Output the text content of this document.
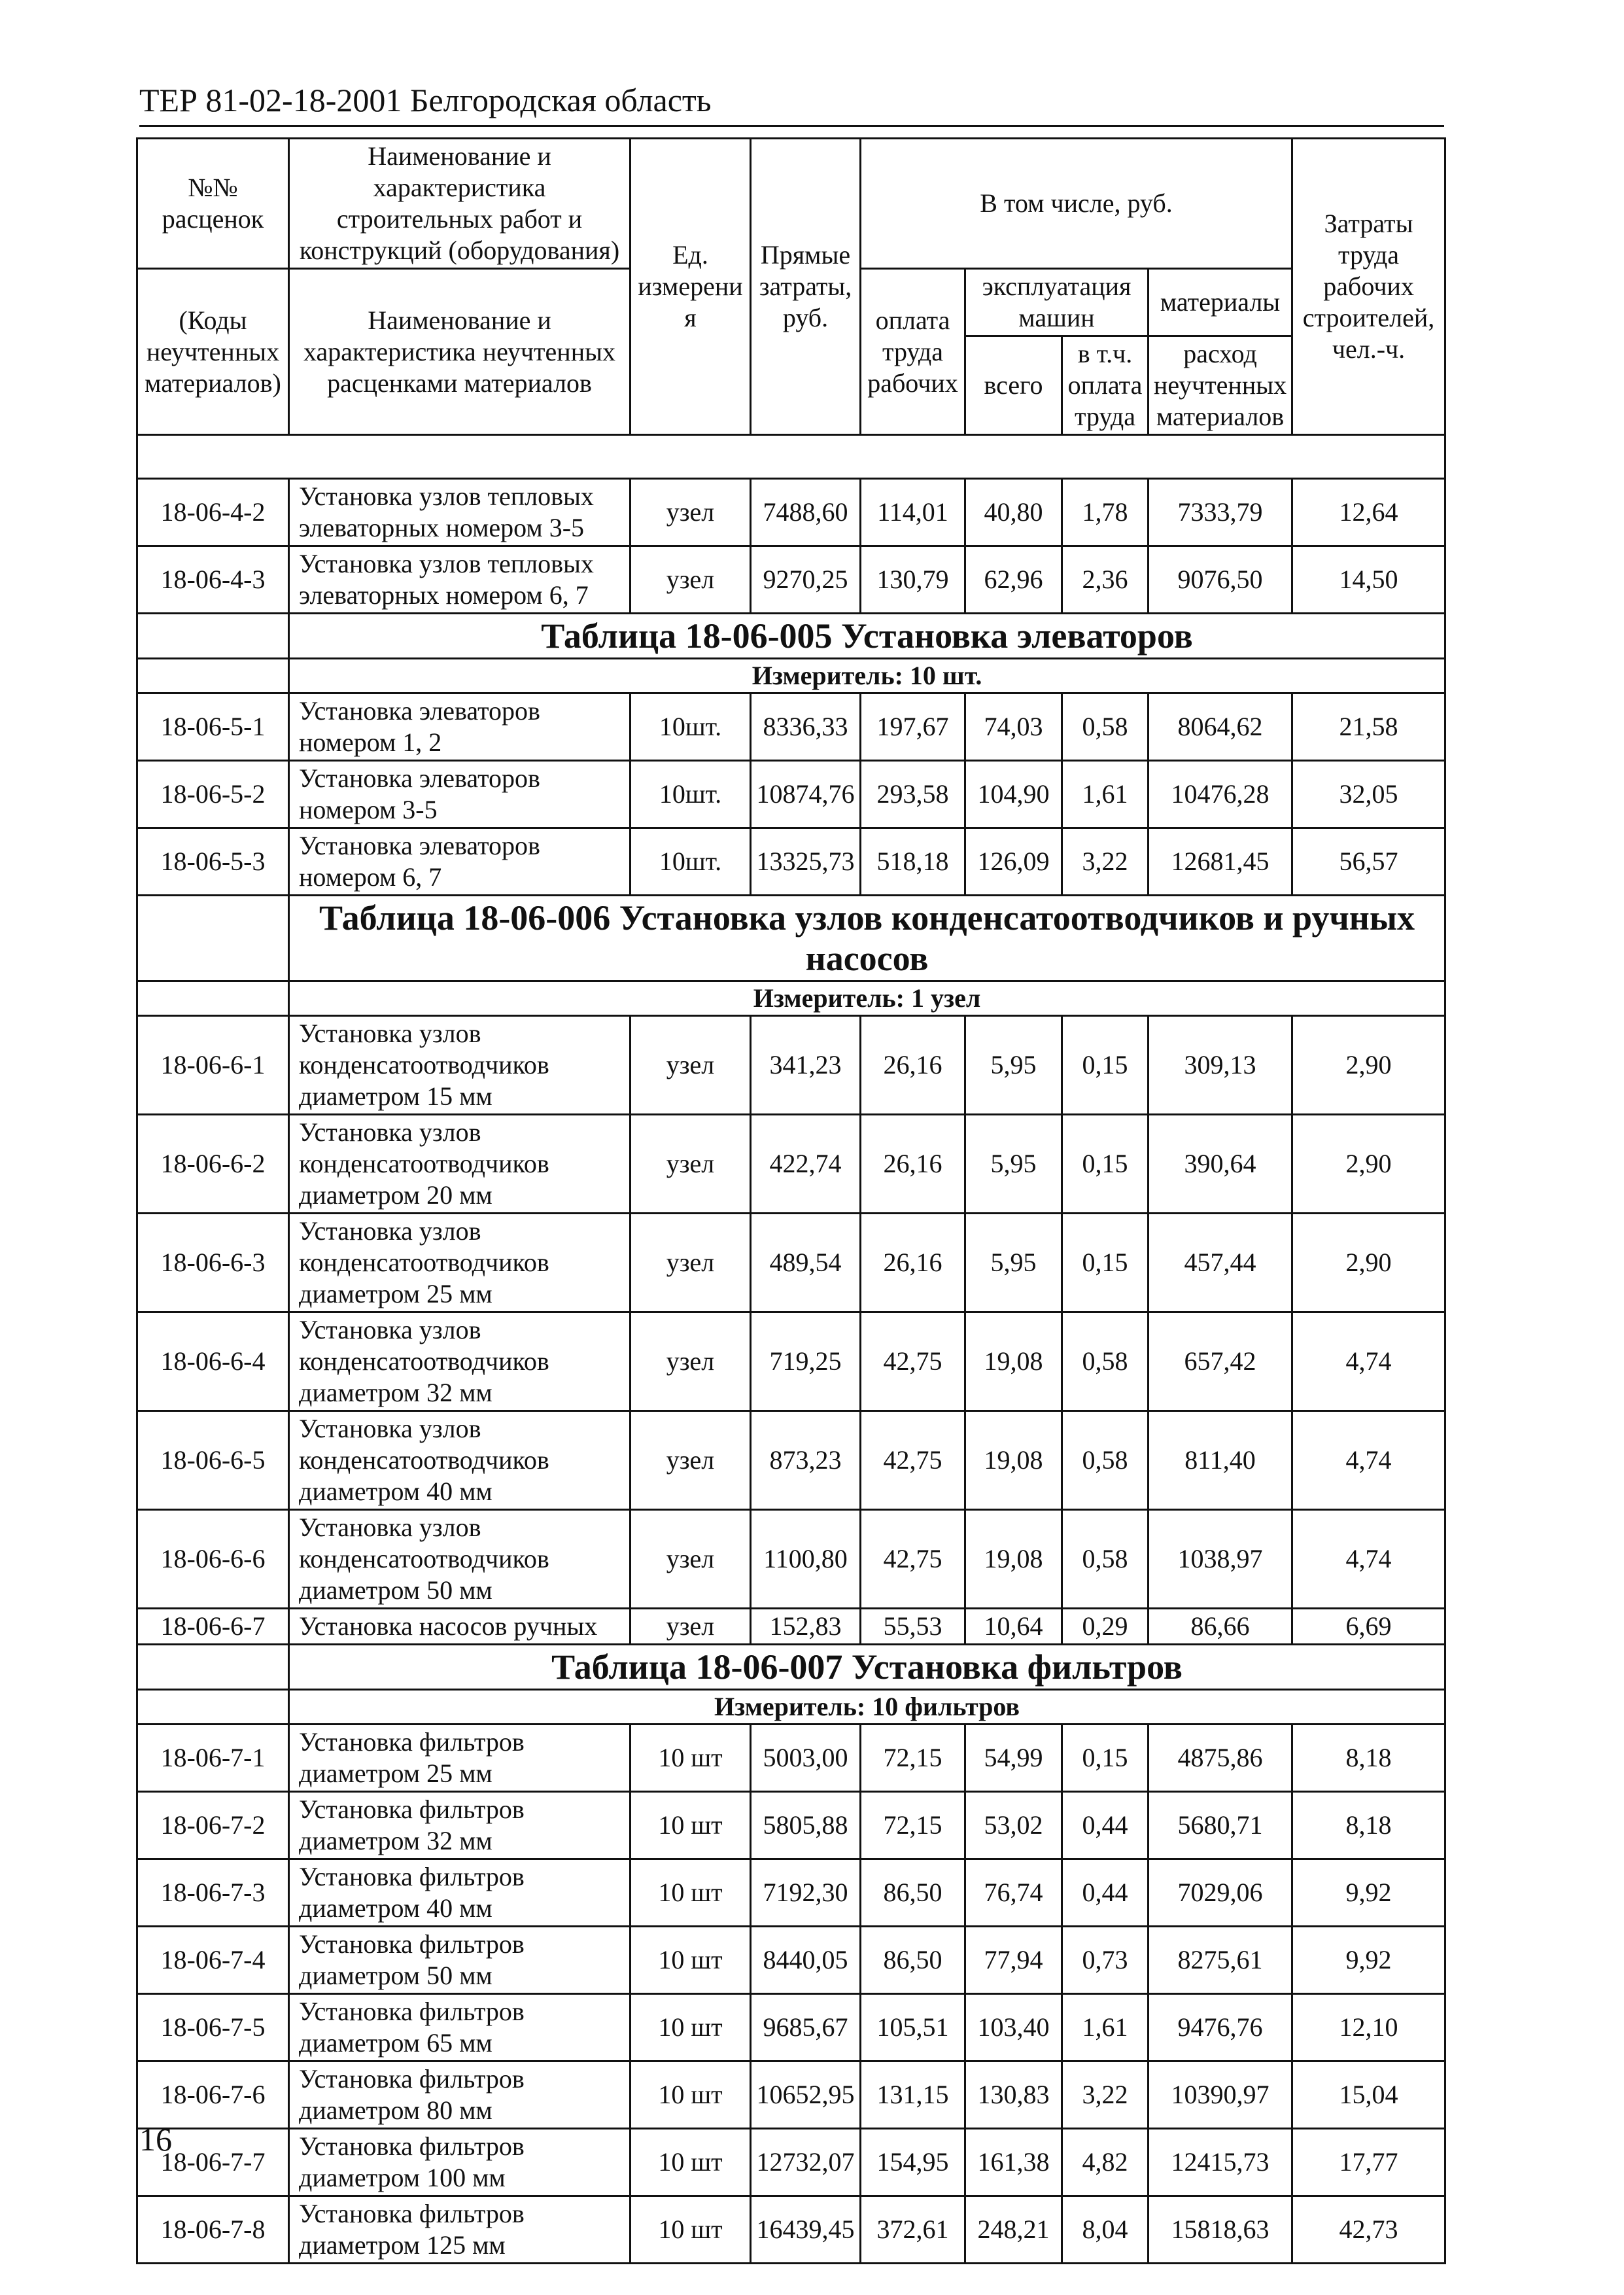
ТЕР 81-02-18-2001 Белгородская область
№№ расценок	Наименование и характеристика строительных работ и конструкций (оборудования)	Ед. измерения	Прямые затраты, руб.	В том числе, руб.				Затраты труда рабочих строителей, чел.-ч.
(Коды неучтенных материалов)	Наименование и характеристика неучтенных расценками материалов			оплата труда рабочих	эксплуатация машин		материалы	
					всего	в т.ч. оплата труда	расход неучтенных материалов	

18-06-4-2	Установка узлов тепловых элеваторных номером 3-5	узел	7488,60	114,01	40,80	1,78	7333,79	12,64
18-06-4-3	Установка узлов тепловых элеваторных номером 6, 7	узел	9270,25	130,79	62,96	2,36	9076,50	14,50
	Таблица 18-06-005 Установка элеваторов							
	Измеритель: 10 шт.							
18-06-5-1	Установка элеваторов номером 1, 2	10шт.	8336,33	197,67	74,03	0,58	8064,62	21,58
18-06-5-2	Установка элеваторов номером 3-5	10шт.	10874,76	293,58	104,90	1,61	10476,28	32,05
18-06-5-3	Установка элеваторов номером 6, 7	10шт.	13325,73	518,18	126,09	3,22	12681,45	56,57
	Таблица 18-06-006 Установка узлов конденсатоотводчиков и ручных насосов							
	Измеритель: 1 узел							
18-06-6-1	Установка узлов конденсатоотводчиков диаметром 15 мм	узел	341,23	26,16	5,95	0,15	309,13	2,90
18-06-6-2	Установка узлов конденсатоотводчиков диаметром 20 мм	узел	422,74	26,16	5,95	0,15	390,64	2,90
18-06-6-3	Установка узлов конденсатоотводчиков диаметром 25 мм	узел	489,54	26,16	5,95	0,15	457,44	2,90
18-06-6-4	Установка узлов конденсатоотводчиков диаметром 32 мм	узел	719,25	42,75	19,08	0,58	657,42	4,74
18-06-6-5	Установка узлов конденсатоотводчиков диаметром 40 мм	узел	873,23	42,75	19,08	0,58	811,40	4,74
18-06-6-6	Установка узлов конденсатоотводчиков диаметром 50 мм	узел	1100,80	42,75	19,08	0,58	1038,97	4,74
18-06-6-7	Установка насосов ручных	узел	152,83	55,53	10,64	0,29	86,66	6,69
	Таблица 18-06-007 Установка фильтров							
	Измеритель: 10 фильтров							
18-06-7-1	Установка фильтров диаметром 25 мм	10 шт	5003,00	72,15	54,99	0,15	4875,86	8,18
18-06-7-2	Установка фильтров диаметром 32 мм	10 шт	5805,88	72,15	53,02	0,44	5680,71	8,18
18-06-7-3	Установка фильтров диаметром 40 мм	10 шт	7192,30	86,50	76,74	0,44	7029,06	9,92
18-06-7-4	Установка фильтров диаметром 50 мм	10 шт	8440,05	86,50	77,94	0,73	8275,61	9,92
18-06-7-5	Установка фильтров диаметром 65 мм	10 шт	9685,67	105,51	103,40	1,61	9476,76	12,10
18-06-7-6	Установка фильтров диаметром 80 мм	10 шт	10652,95	131,15	130,83	3,22	10390,97	15,04
18-06-7-7	Установка фильтров диаметром 100 мм	10 шт	12732,07	154,95	161,38	4,82	12415,73	17,77
18-06-7-8	Установка фильтров диаметром 125 мм	10 шт	16439,45	372,61	248,21	8,04	15818,63	42,73
16
